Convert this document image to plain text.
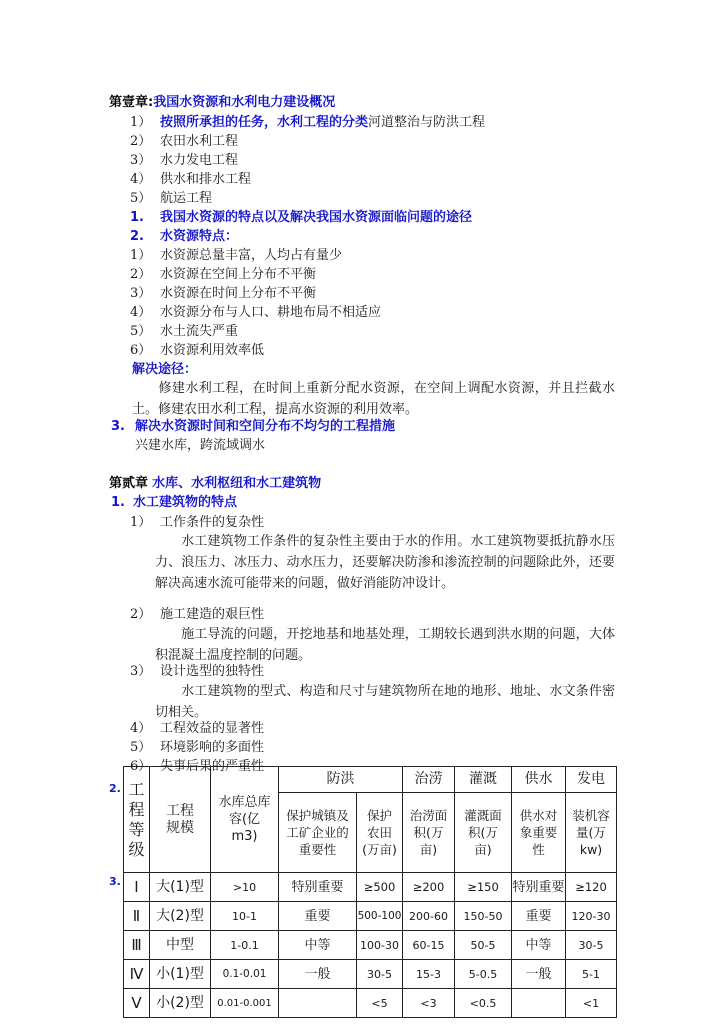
第壹章:我国水资源和水利电力建设概况
1） 按照所承担的任务，水利工程的分类河道整治与防洪工程
2） 农田水利工程
3） 水力发电工程
4） 供水和排水工程
5） 航运工程
1. 我国水资源的特点以及解决我国水资源面临问题的途径
2. 水资源特点：
1） 水资源总量丰富，人均占有量少
2） 水资源在空间上分布不平衡
3） 水资源在时间上分布不平衡
4） 水资源分布与人口、耕地布局不相适应
5） 水土流失严重
6） 水资源利用效率低
解决途径：
修建水利工程，在时间上重新分配水资源，在空间上调配水资源，并且拦截水土。修建农田水利工程，提高水资源的利用效率。
3. 解决水资源时间和空间分布不均匀的工程措施
兴建水库，跨流域调水
第贰章 水库、水利枢纽和水工建筑物
1. 水工建筑物的特点
1） 工作条件的复杂性
水工建筑物工作条件的复杂性主要由于水的作用。水工建筑物要抵抗静水压力、浪压力、冰压力、动水压力，还要解决防渗和渗流控制的问题除此外，还要解决高速水流可能带来的问题，做好消能防冲设计。
2） 施工建造的艰巨性
施工导流的问题，开挖地基和地基处理，工期较长遇到洪水期的问题，大体积混凝土温度控制的问题。
3） 设计选型的独特性
水工建筑物的型式、构造和尺寸与建筑物所在地的地形、地址、水文条件密切相关。
4） 工程效益的显著性
5） 环境影响的多面性
6） 失事后果的严重性
2.
3.
工程等级	工程规模	水库总库容(亿m3)	防洪		治涝	灌溉	供水	发电
			保护城镇及工矿企业的重要性	保护农田(万亩)	治涝面积(万亩)	灌溉面积(万亩)	供水对象重要性	装机容量(万kw)
Ⅰ	大(1)型	>10	特别重要	≥500	≥200	≥150	特别重要	≥120
Ⅱ	大(2)型	10-1	重要	500-100	200-60	150-50	重要	120-30
Ⅲ	中型	1-0.1	中等	100-30	60-15	50-5	中等	30-5
Ⅳ	小(1)型	0.1-0.01	一般	30-5	15-3	5-0.5	一般	5-1
Ⅴ	小(2)型	0.01-0.001		<5	<3	<0.5		<1
